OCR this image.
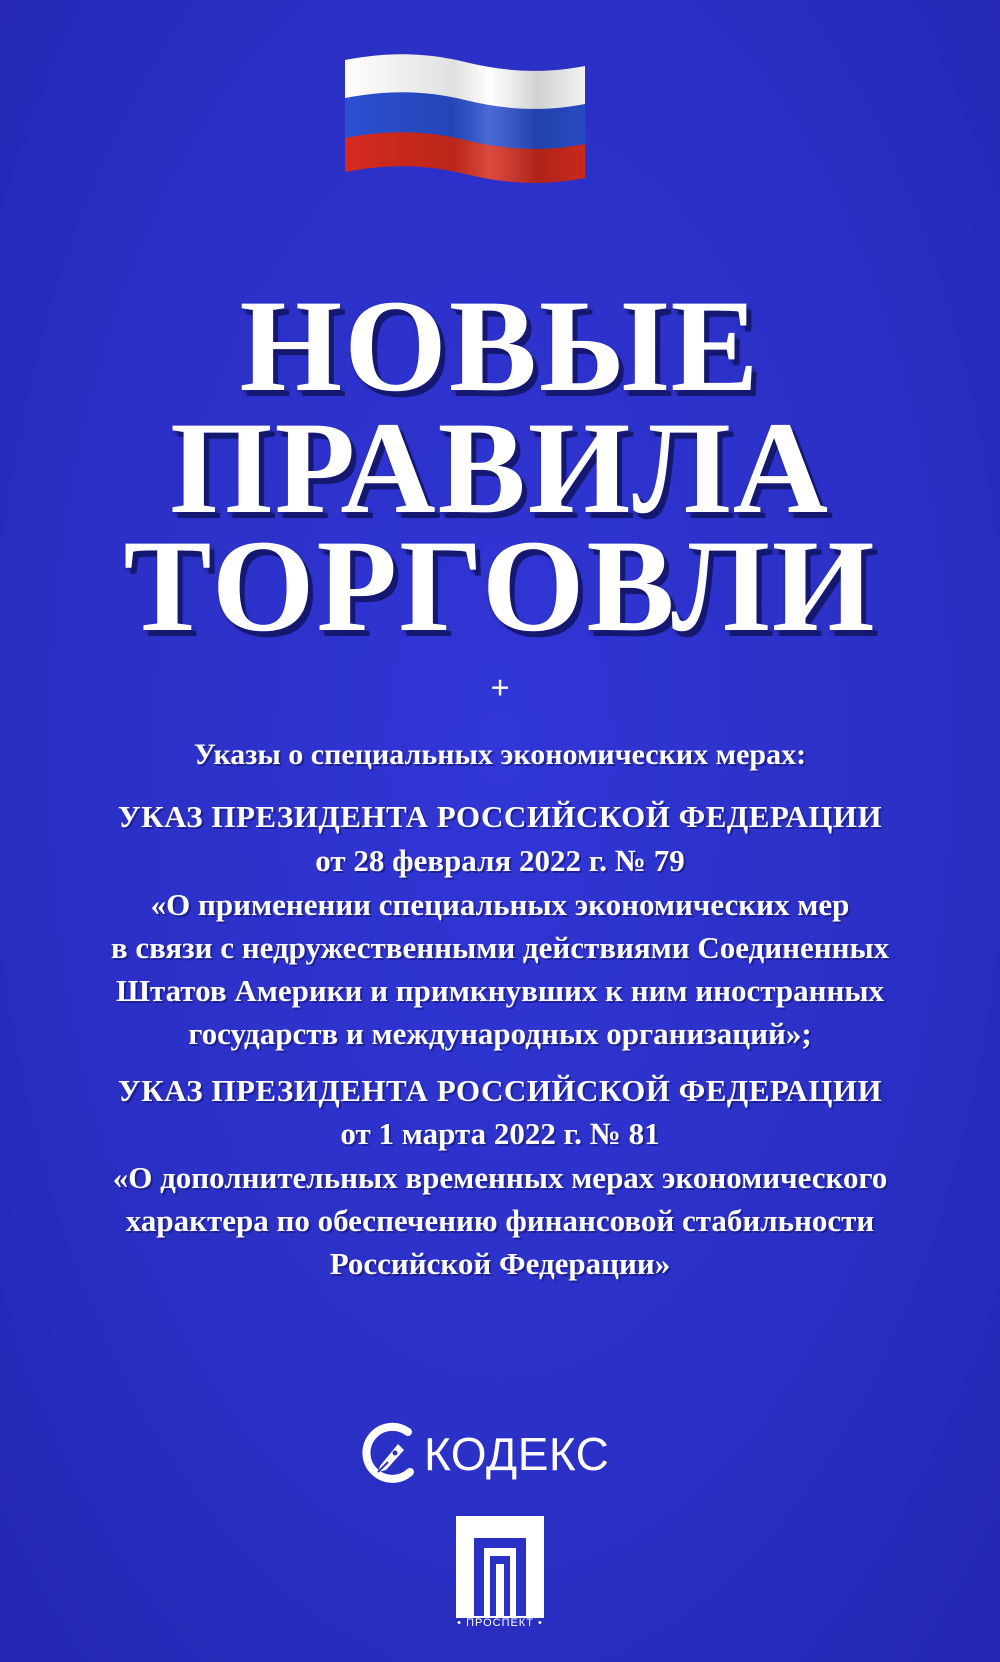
НОВЫЕ
ПРАВИЛА
ТОРГОВЛИ
+
Указы о специальных экономических мерах:
УКАЗ ПРЕЗИДЕНТА РОССИЙСКОЙ ФЕДЕРАЦИИ
от 28 февраля 2022 г. № 79
«О применении специальных экономических мер
в связи с недружественными действиями Соединенных
Штатов Америки и примкнувших к ним иностранных
государств и международных организаций»;
УКАЗ ПРЕЗИДЕНТА РОССИЙСКОЙ ФЕДЕРАЦИИ
от 1 марта 2022 г. № 81
«О дополнительных временных мерах экономического
характера по обеспечению финансовой стабильности
Российской Федерации»
КОДЕКС
• ПРОСПЕКТ •
